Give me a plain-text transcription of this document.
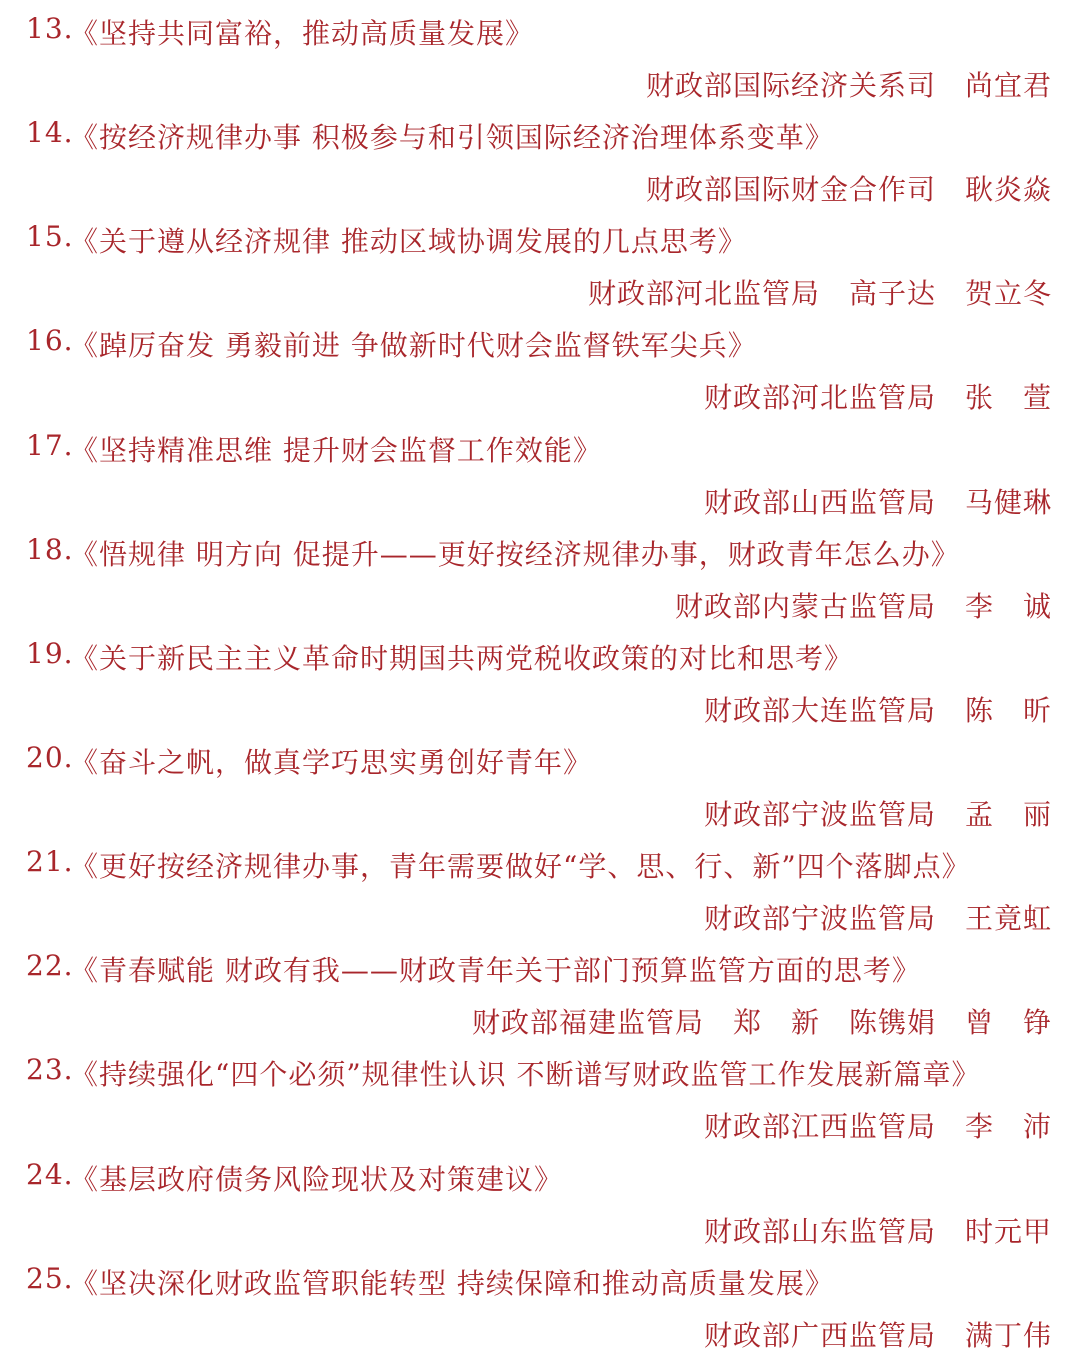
13.
《坚持共同富裕，推动高质量发展》
财政部国际经济关系司　尚宜君
14.
《按经济规律办事 积极参与和引领国际经济治理体系变革》
财政部国际财金合作司　耿炎焱
15.
《关于遵从经济规律 推动区域协调发展的几点思考》
财政部河北监管局　高子达　贺立冬
16.
《踔厉奋发 勇毅前进 争做新时代财会监督铁军尖兵》
财政部河北监管局　张　萱
17.
《坚持精准思维 提升财会监督工作效能》
财政部山西监管局　马健琳
18.
《悟规律 明方向 促提升——更好按经济规律办事，财政青年怎么办》
财政部内蒙古监管局　李　诚
19.
《关于新民主主义革命时期国共两党税收政策的对比和思考》
财政部大连监管局　陈　昕
20.
《奋斗之帆，做真学巧思实勇创好青年》
财政部宁波监管局　孟　丽
21.
《更好按经济规律办事，青年需要做好“学、思、行、新”四个落脚点》
财政部宁波监管局　王竟虹
22.
《青春赋能 财政有我——财政青年关于部门预算监管方面的思考》
财政部福建监管局　郑　新　陈镌娟　曾　铮
23.
《持续强化“四个必须”规律性认识 不断谱写财政监管工作发展新篇章》
财政部江西监管局　李　沛
24.
《基层政府债务风险现状及对策建议》
财政部山东监管局　时元甲
25.
《坚决深化财政监管职能转型 持续保障和推动高质量发展》
财政部广西监管局　满丁伟
